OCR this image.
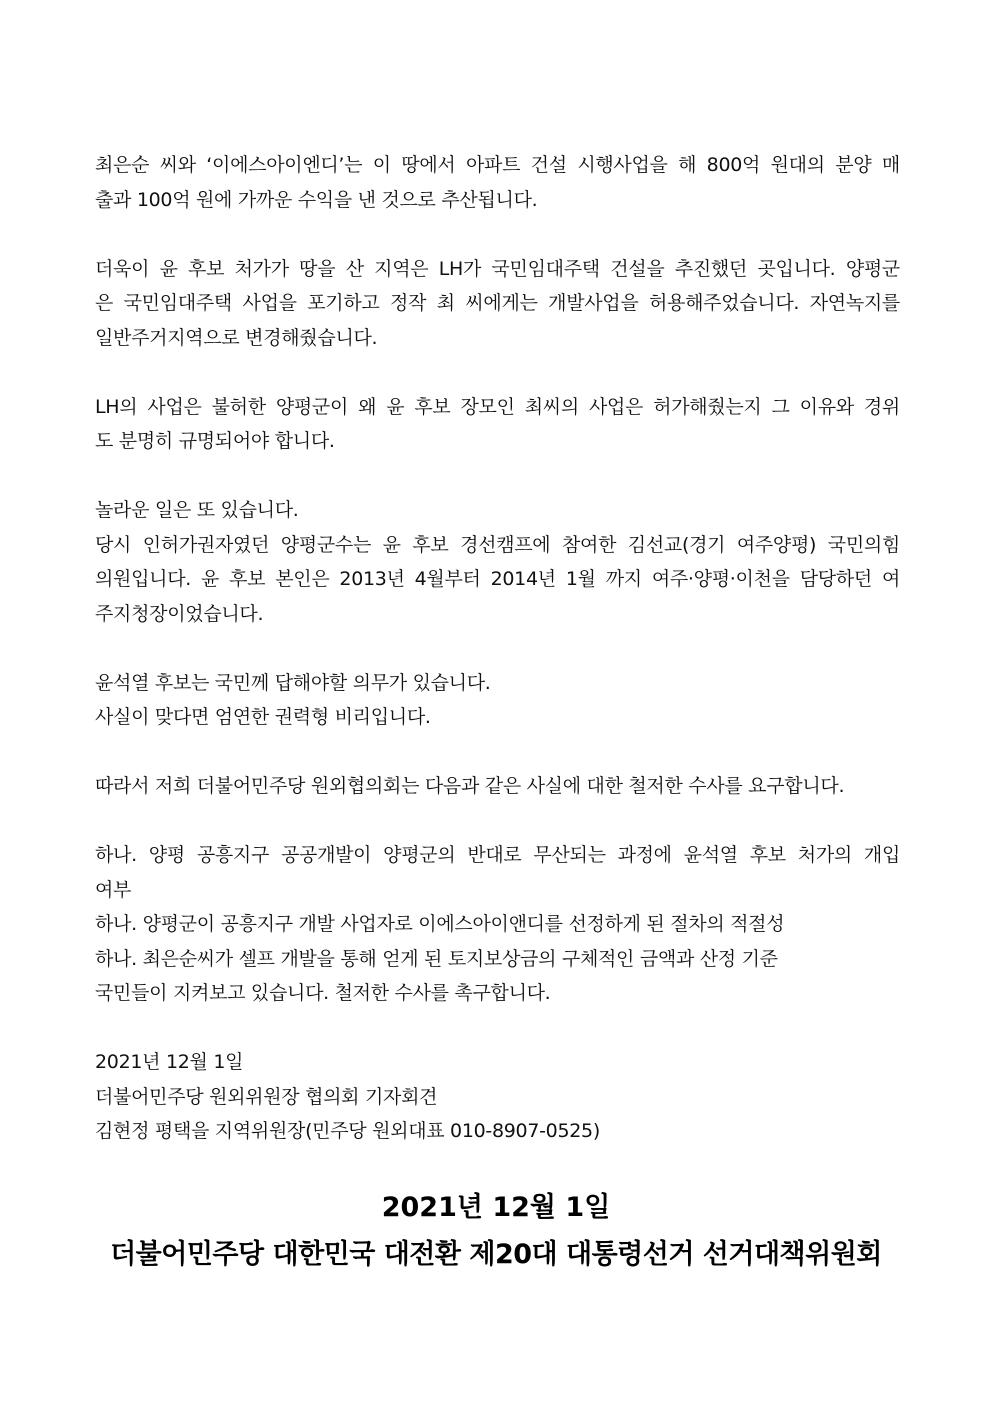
최은순 씨와 ‘이에스아이엔디’는 이 땅에서 아파트 건설 시행사업을 해 800억 원대의 분양 매
출과 100억 원에 가까운 수익을 낸 것으로 추산됩니다.

더욱이 윤 후보 처가가 땅을 산 지역은 LH가 국민임대주택 건설을 추진했던 곳입니다. 양평군
은 국민임대주택 사업을 포기하고 정작 최 씨에게는 개발사업을 허용해주었습니다. 자연녹지를
일반주거지역으로 변경해줬습니다.

LH의 사업은 불허한 양평군이 왜 윤 후보 장모인 최씨의 사업은 허가해줬는지 그 이유와 경위
도 분명히 규명되어야 합니다.

놀라운 일은 또 있습니다.
당시 인허가권자였던 양평군수는 윤 후보 경선캠프에 참여한 김선교(경기 여주양평) 국민의힘
의원입니다. 윤 후보 본인은 2013년 4월부터 2014년 1월 까지 여주·양평·이천을 담당하던 여
주지청장이었습니다.

윤석열 후보는 국민께 답해야할 의무가 있습니다.
사실이 맞다면 엄연한 권력형 비리입니다.

따라서 저희 더불어민주당 원외협의회는 다음과 같은 사실에 대한 철저한 수사를 요구합니다.

하나. 양평 공흥지구 공공개발이 양평군의 반대로 무산되는 과정에 윤석열 후보 처가의 개입
여부
하나. 양평군이 공흥지구 개발 사업자로 이에스아이앤디를 선정하게 된 절차의 적절성
하나. 최은순씨가 셀프 개발을 통해 얻게 된 토지보상금의 구체적인 금액과 산정 기준
국민들이 지켜보고 있습니다. 철저한 수사를 촉구합니다.

2021년 12월 1일
더불어민주당 원외위원장 협의회 기자회견
김현정 평택을 지역위원장(민주당 원외대표 010-8907-0525)

2021년 12월 1일
더불어민주당 대한민국 대전환 제20대 대통령선거 선거대책위원회
